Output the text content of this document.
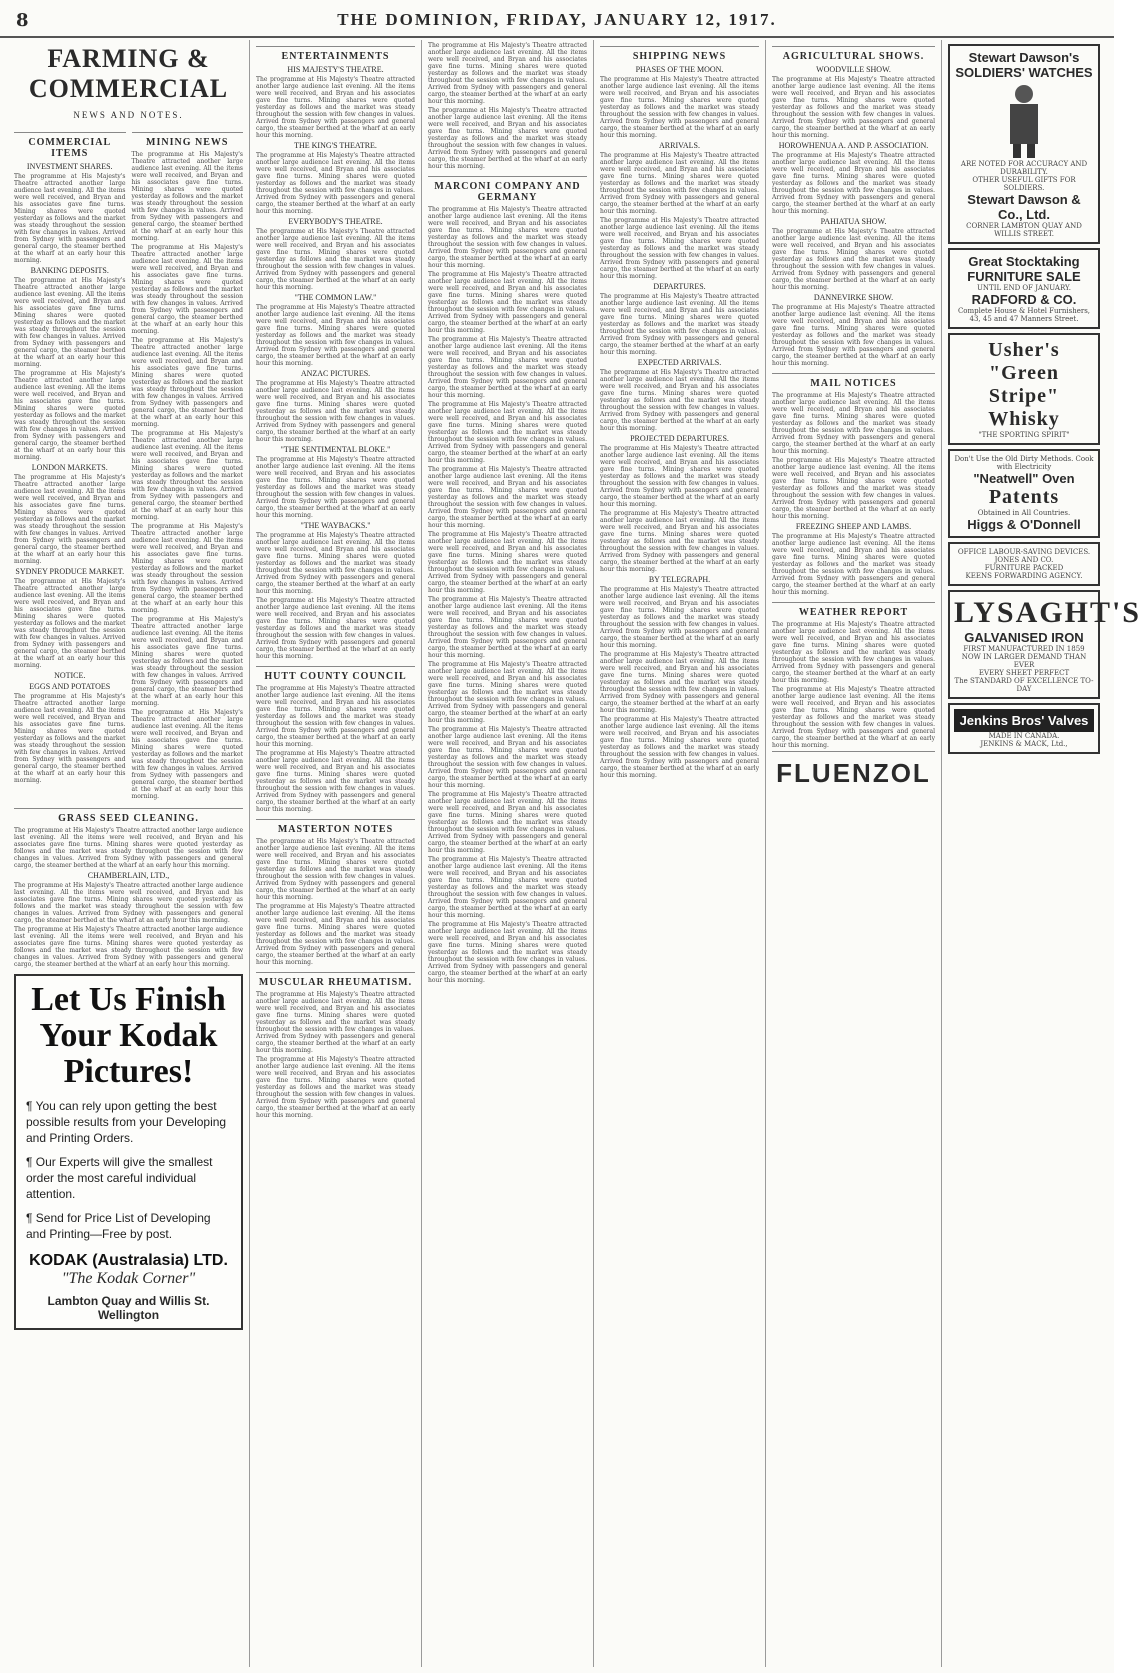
8	THE DOMINION, FRIDAY, JANUARY 12, 1917.
FARMING & COMMERCIAL
NEWS AND NOTES.
COMMERCIAL ITEMS
INVESTMENT SHARES.
The programme at His Majesty's Theatre attracted another large audience last evening. All the items were well received, and Bryan and his associates gave fine turns. Mining shares were quoted yesterday as follows and the market was steady throughout the session with few changes in values. Arrived from Sydney with passengers and general cargo, the steamer berthed at the wharf at an early hour this morning.
BANKING DEPOSITS.
The programme at His Majesty's Theatre attracted another large audience last evening. All the items were well received, and Bryan and his associates gave fine turns. Mining shares were quoted yesterday as follows and the market was steady throughout the session with few changes in values. Arrived from Sydney with passengers and general cargo, the steamer berthed at the wharf at an early hour this morning.
The programme at His Majesty's Theatre attracted another large audience last evening. All the items were well received, and Bryan and his associates gave fine turns. Mining shares were quoted yesterday as follows and the market was steady throughout the session with few changes in values. Arrived from Sydney with passengers and general cargo, the steamer berthed at the wharf at an early hour this morning.
LONDON MARKETS.
The programme at His Majesty's Theatre attracted another large audience last evening. All the items were well received, and Bryan and his associates gave fine turns. Mining shares were quoted yesterday as follows and the market was steady throughout the session with few changes in values. Arrived from Sydney with passengers and general cargo, the steamer berthed at the wharf at an early hour this morning.
SYDNEY PRODUCE MARKET.
The programme at His Majesty's Theatre attracted another large audience last evening. All the items were well received, and Bryan and his associates gave fine turns. Mining shares were quoted yesterday as follows and the market was steady throughout the session with few changes in values. Arrived from Sydney with passengers and general cargo, the steamer berthed at the wharf at an early hour this morning.
NOTICE.
EGGS AND POTATOES
The programme at His Majesty's Theatre attracted another large audience last evening. All the items were well received, and Bryan and his associates gave fine turns. Mining shares were quoted yesterday as follows and the market was steady throughout the session with few changes in values. Arrived from Sydney with passengers and general cargo, the steamer berthed at the wharf at an early hour this morning.
MINING NEWS
The programme at His Majesty's Theatre attracted another large audience last evening. All the items were well received, and Bryan and his associates gave fine turns. Mining shares were quoted yesterday as follows and the market was steady throughout the session with few changes in values. Arrived from Sydney with passengers and general cargo, the steamer berthed at the wharf at an early hour this morning.
The programme at His Majesty's Theatre attracted another large audience last evening. All the items were well received, and Bryan and his associates gave fine turns. Mining shares were quoted yesterday as follows and the market was steady throughout the session with few changes in values. Arrived from Sydney with passengers and general cargo, the steamer berthed at the wharf at an early hour this morning.
The programme at His Majesty's Theatre attracted another large audience last evening. All the items were well received, and Bryan and his associates gave fine turns. Mining shares were quoted yesterday as follows and the market was steady throughout the session with few changes in values. Arrived from Sydney with passengers and general cargo, the steamer berthed at the wharf at an early hour this morning.
The programme at His Majesty's Theatre attracted another large audience last evening. All the items were well received, and Bryan and his associates gave fine turns. Mining shares were quoted yesterday as follows and the market was steady throughout the session with few changes in values. Arrived from Sydney with passengers and general cargo, the steamer berthed at the wharf at an early hour this morning.
The programme at His Majesty's Theatre attracted another large audience last evening. All the items were well received, and Bryan and his associates gave fine turns. Mining shares were quoted yesterday as follows and the market was steady throughout the session with few changes in values. Arrived from Sydney with passengers and general cargo, the steamer berthed at the wharf at an early hour this morning.
The programme at His Majesty's Theatre attracted another large audience last evening. All the items were well received, and Bryan and his associates gave fine turns. Mining shares were quoted yesterday as follows and the market was steady throughout the session with few changes in values. Arrived from Sydney with passengers and general cargo, the steamer berthed at the wharf at an early hour this morning.
The programme at His Majesty's Theatre attracted another large audience last evening. All the items were well received, and Bryan and his associates gave fine turns. Mining shares were quoted yesterday as follows and the market was steady throughout the session with few changes in values. Arrived from Sydney with passengers and general cargo, the steamer berthed at the wharf at an early hour this morning.
GRASS SEED CLEANING.
The programme at His Majesty's Theatre attracted another large audience last evening. All the items were well received, and Bryan and his associates gave fine turns. Mining shares were quoted yesterday as follows and the market was steady throughout the session with few changes in values. Arrived from Sydney with passengers and general cargo, the steamer berthed at the wharf at an early hour this morning.
CHAMBERLAIN, LTD.,
The programme at His Majesty's Theatre attracted another large audience last evening. All the items were well received, and Bryan and his associates gave fine turns. Mining shares were quoted yesterday as follows and the market was steady throughout the session with few changes in values. Arrived from Sydney with passengers and general cargo, the steamer berthed at the wharf at an early hour this morning.
The programme at His Majesty's Theatre attracted another large audience last evening. All the items were well received, and Bryan and his associates gave fine turns. Mining shares were quoted yesterday as follows and the market was steady throughout the session with few changes in values. Arrived from Sydney with passengers and general cargo, the steamer berthed at the wharf at an early hour this morning.
Let Us Finish Your Kodak Pictures!
¶ You can rely upon getting the best possible results from your Developing and Printing Orders.
¶ Our Experts will give the smallest order the most careful individual attention.
¶ Send for Price List of Developing and Printing—Free by post.
KODAK (Australasia) LTD.
"The Kodak Corner"
Lambton Quay and Willis St. Wellington
ENTERTAINMENTS
HIS MAJESTY'S THEATRE.
The programme at His Majesty's Theatre attracted another large audience last evening. All the items were well received, and Bryan and his associates gave fine turns. Mining shares were quoted yesterday as follows and the market was steady throughout the session with few changes in values. Arrived from Sydney with passengers and general cargo, the steamer berthed at the wharf at an early hour this morning.
THE KING'S THEATRE.
The programme at His Majesty's Theatre attracted another large audience last evening. All the items were well received, and Bryan and his associates gave fine turns. Mining shares were quoted yesterday as follows and the market was steady throughout the session with few changes in values. Arrived from Sydney with passengers and general cargo, the steamer berthed at the wharf at an early hour this morning.
EVERYBODY'S THEATRE.
The programme at His Majesty's Theatre attracted another large audience last evening. All the items were well received, and Bryan and his associates gave fine turns. Mining shares were quoted yesterday as follows and the market was steady throughout the session with few changes in values. Arrived from Sydney with passengers and general cargo, the steamer berthed at the wharf at an early hour this morning.
"THE COMMON LAW."
The programme at His Majesty's Theatre attracted another large audience last evening. All the items were well received, and Bryan and his associates gave fine turns. Mining shares were quoted yesterday as follows and the market was steady throughout the session with few changes in values. Arrived from Sydney with passengers and general cargo, the steamer berthed at the wharf at an early hour this morning.
ANZAC PICTURES.
The programme at His Majesty's Theatre attracted another large audience last evening. All the items were well received, and Bryan and his associates gave fine turns. Mining shares were quoted yesterday as follows and the market was steady throughout the session with few changes in values. Arrived from Sydney with passengers and general cargo, the steamer berthed at the wharf at an early hour this morning.
"THE SENTIMENTAL BLOKE."
The programme at His Majesty's Theatre attracted another large audience last evening. All the items were well received, and Bryan and his associates gave fine turns. Mining shares were quoted yesterday as follows and the market was steady throughout the session with few changes in values. Arrived from Sydney with passengers and general cargo, the steamer berthed at the wharf at an early hour this morning.
"THE WAYBACKS."
The programme at His Majesty's Theatre attracted another large audience last evening. All the items were well received, and Bryan and his associates gave fine turns. Mining shares were quoted yesterday as follows and the market was steady throughout the session with few changes in values. Arrived from Sydney with passengers and general cargo, the steamer berthed at the wharf at an early hour this morning.
The programme at His Majesty's Theatre attracted another large audience last evening. All the items were well received, and Bryan and his associates gave fine turns. Mining shares were quoted yesterday as follows and the market was steady throughout the session with few changes in values. Arrived from Sydney with passengers and general cargo, the steamer berthed at the wharf at an early hour this morning.
HUTT COUNTY COUNCIL
The programme at His Majesty's Theatre attracted another large audience last evening. All the items were well received, and Bryan and his associates gave fine turns. Mining shares were quoted yesterday as follows and the market was steady throughout the session with few changes in values. Arrived from Sydney with passengers and general cargo, the steamer berthed at the wharf at an early hour this morning.
The programme at His Majesty's Theatre attracted another large audience last evening. All the items were well received, and Bryan and his associates gave fine turns. Mining shares were quoted yesterday as follows and the market was steady throughout the session with few changes in values. Arrived from Sydney with passengers and general cargo, the steamer berthed at the wharf at an early hour this morning.
MASTERTON NOTES
The programme at His Majesty's Theatre attracted another large audience last evening. All the items were well received, and Bryan and his associates gave fine turns. Mining shares were quoted yesterday as follows and the market was steady throughout the session with few changes in values. Arrived from Sydney with passengers and general cargo, the steamer berthed at the wharf at an early hour this morning.
The programme at His Majesty's Theatre attracted another large audience last evening. All the items were well received, and Bryan and his associates gave fine turns. Mining shares were quoted yesterday as follows and the market was steady throughout the session with few changes in values. Arrived from Sydney with passengers and general cargo, the steamer berthed at the wharf at an early hour this morning.
MUSCULAR RHEUMATISM.
The programme at His Majesty's Theatre attracted another large audience last evening. All the items were well received, and Bryan and his associates gave fine turns. Mining shares were quoted yesterday as follows and the market was steady throughout the session with few changes in values. Arrived from Sydney with passengers and general cargo, the steamer berthed at the wharf at an early hour this morning.
The programme at His Majesty's Theatre attracted another large audience last evening. All the items were well received, and Bryan and his associates gave fine turns. Mining shares were quoted yesterday as follows and the market was steady throughout the session with few changes in values. Arrived from Sydney with passengers and general cargo, the steamer berthed at the wharf at an early hour this morning.
The programme at His Majesty's Theatre attracted another large audience last evening. All the items were well received, and Bryan and his associates gave fine turns. Mining shares were quoted yesterday as follows and the market was steady throughout the session with few changes in values. Arrived from Sydney with passengers and general cargo, the steamer berthed at the wharf at an early hour this morning.
The programme at His Majesty's Theatre attracted another large audience last evening. All the items were well received, and Bryan and his associates gave fine turns. Mining shares were quoted yesterday as follows and the market was steady throughout the session with few changes in values. Arrived from Sydney with passengers and general cargo, the steamer berthed at the wharf at an early hour this morning.
MARCONI COMPANY AND GERMANY
The programme at His Majesty's Theatre attracted another large audience last evening. All the items were well received, and Bryan and his associates gave fine turns. Mining shares were quoted yesterday as follows and the market was steady throughout the session with few changes in values. Arrived from Sydney with passengers and general cargo, the steamer berthed at the wharf at an early hour this morning.
The programme at His Majesty's Theatre attracted another large audience last evening. All the items were well received, and Bryan and his associates gave fine turns. Mining shares were quoted yesterday as follows and the market was steady throughout the session with few changes in values. Arrived from Sydney with passengers and general cargo, the steamer berthed at the wharf at an early hour this morning.
The programme at His Majesty's Theatre attracted another large audience last evening. All the items were well received, and Bryan and his associates gave fine turns. Mining shares were quoted yesterday as follows and the market was steady throughout the session with few changes in values. Arrived from Sydney with passengers and general cargo, the steamer berthed at the wharf at an early hour this morning.
The programme at His Majesty's Theatre attracted another large audience last evening. All the items were well received, and Bryan and his associates gave fine turns. Mining shares were quoted yesterday as follows and the market was steady throughout the session with few changes in values. Arrived from Sydney with passengers and general cargo, the steamer berthed at the wharf at an early hour this morning.
The programme at His Majesty's Theatre attracted another large audience last evening. All the items were well received, and Bryan and his associates gave fine turns. Mining shares were quoted yesterday as follows and the market was steady throughout the session with few changes in values. Arrived from Sydney with passengers and general cargo, the steamer berthed at the wharf at an early hour this morning.
The programme at His Majesty's Theatre attracted another large audience last evening. All the items were well received, and Bryan and his associates gave fine turns. Mining shares were quoted yesterday as follows and the market was steady throughout the session with few changes in values. Arrived from Sydney with passengers and general cargo, the steamer berthed at the wharf at an early hour this morning.
The programme at His Majesty's Theatre attracted another large audience last evening. All the items were well received, and Bryan and his associates gave fine turns. Mining shares were quoted yesterday as follows and the market was steady throughout the session with few changes in values. Arrived from Sydney with passengers and general cargo, the steamer berthed at the wharf at an early hour this morning.
The programme at His Majesty's Theatre attracted another large audience last evening. All the items were well received, and Bryan and his associates gave fine turns. Mining shares were quoted yesterday as follows and the market was steady throughout the session with few changes in values. Arrived from Sydney with passengers and general cargo, the steamer berthed at the wharf at an early hour this morning.
The programme at His Majesty's Theatre attracted another large audience last evening. All the items were well received, and Bryan and his associates gave fine turns. Mining shares were quoted yesterday as follows and the market was steady throughout the session with few changes in values. Arrived from Sydney with passengers and general cargo, the steamer berthed at the wharf at an early hour this morning.
The programme at His Majesty's Theatre attracted another large audience last evening. All the items were well received, and Bryan and his associates gave fine turns. Mining shares were quoted yesterday as follows and the market was steady throughout the session with few changes in values. Arrived from Sydney with passengers and general cargo, the steamer berthed at the wharf at an early hour this morning.
The programme at His Majesty's Theatre attracted another large audience last evening. All the items were well received, and Bryan and his associates gave fine turns. Mining shares were quoted yesterday as follows and the market was steady throughout the session with few changes in values. Arrived from Sydney with passengers and general cargo, the steamer berthed at the wharf at an early hour this morning.
The programme at His Majesty's Theatre attracted another large audience last evening. All the items were well received, and Bryan and his associates gave fine turns. Mining shares were quoted yesterday as follows and the market was steady throughout the session with few changes in values. Arrived from Sydney with passengers and general cargo, the steamer berthed at the wharf at an early hour this morning.
SHIPPING NEWS
PHASES OF THE MOON.
The programme at His Majesty's Theatre attracted another large audience last evening. All the items were well received, and Bryan and his associates gave fine turns. Mining shares were quoted yesterday as follows and the market was steady throughout the session with few changes in values. Arrived from Sydney with passengers and general cargo, the steamer berthed at the wharf at an early hour this morning.
ARRIVALS.
The programme at His Majesty's Theatre attracted another large audience last evening. All the items were well received, and Bryan and his associates gave fine turns. Mining shares were quoted yesterday as follows and the market was steady throughout the session with few changes in values. Arrived from Sydney with passengers and general cargo, the steamer berthed at the wharf at an early hour this morning.
The programme at His Majesty's Theatre attracted another large audience last evening. All the items were well received, and Bryan and his associates gave fine turns. Mining shares were quoted yesterday as follows and the market was steady throughout the session with few changes in values. Arrived from Sydney with passengers and general cargo, the steamer berthed at the wharf at an early hour this morning.
DEPARTURES.
The programme at His Majesty's Theatre attracted another large audience last evening. All the items were well received, and Bryan and his associates gave fine turns. Mining shares were quoted yesterday as follows and the market was steady throughout the session with few changes in values. Arrived from Sydney with passengers and general cargo, the steamer berthed at the wharf at an early hour this morning.
EXPECTED ARRIVALS.
The programme at His Majesty's Theatre attracted another large audience last evening. All the items were well received, and Bryan and his associates gave fine turns. Mining shares were quoted yesterday as follows and the market was steady throughout the session with few changes in values. Arrived from Sydney with passengers and general cargo, the steamer berthed at the wharf at an early hour this morning.
PROJECTED DEPARTURES.
The programme at His Majesty's Theatre attracted another large audience last evening. All the items were well received, and Bryan and his associates gave fine turns. Mining shares were quoted yesterday as follows and the market was steady throughout the session with few changes in values. Arrived from Sydney with passengers and general cargo, the steamer berthed at the wharf at an early hour this morning.
The programme at His Majesty's Theatre attracted another large audience last evening. All the items were well received, and Bryan and his associates gave fine turns. Mining shares were quoted yesterday as follows and the market was steady throughout the session with few changes in values. Arrived from Sydney with passengers and general cargo, the steamer berthed at the wharf at an early hour this morning.
BY TELEGRAPH.
The programme at His Majesty's Theatre attracted another large audience last evening. All the items were well received, and Bryan and his associates gave fine turns. Mining shares were quoted yesterday as follows and the market was steady throughout the session with few changes in values. Arrived from Sydney with passengers and general cargo, the steamer berthed at the wharf at an early hour this morning.
The programme at His Majesty's Theatre attracted another large audience last evening. All the items were well received, and Bryan and his associates gave fine turns. Mining shares were quoted yesterday as follows and the market was steady throughout the session with few changes in values. Arrived from Sydney with passengers and general cargo, the steamer berthed at the wharf at an early hour this morning.
The programme at His Majesty's Theatre attracted another large audience last evening. All the items were well received, and Bryan and his associates gave fine turns. Mining shares were quoted yesterday as follows and the market was steady throughout the session with few changes in values. Arrived from Sydney with passengers and general cargo, the steamer berthed at the wharf at an early hour this morning.
AGRICULTURAL SHOWS.
WOODVILLE SHOW.
The programme at His Majesty's Theatre attracted another large audience last evening. All the items were well received, and Bryan and his associates gave fine turns. Mining shares were quoted yesterday as follows and the market was steady throughout the session with few changes in values. Arrived from Sydney with passengers and general cargo, the steamer berthed at the wharf at an early hour this morning.
HOROWHENUA A. AND P. ASSOCIATION.
The programme at His Majesty's Theatre attracted another large audience last evening. All the items were well received, and Bryan and his associates gave fine turns. Mining shares were quoted yesterday as follows and the market was steady throughout the session with few changes in values. Arrived from Sydney with passengers and general cargo, the steamer berthed at the wharf at an early hour this morning.
PAHIATUA SHOW.
The programme at His Majesty's Theatre attracted another large audience last evening. All the items were well received, and Bryan and his associates gave fine turns. Mining shares were quoted yesterday as follows and the market was steady throughout the session with few changes in values. Arrived from Sydney with passengers and general cargo, the steamer berthed at the wharf at an early hour this morning.
DANNEVIRKE SHOW.
The programme at His Majesty's Theatre attracted another large audience last evening. All the items were well received, and Bryan and his associates gave fine turns. Mining shares were quoted yesterday as follows and the market was steady throughout the session with few changes in values. Arrived from Sydney with passengers and general cargo, the steamer berthed at the wharf at an early hour this morning.
MAIL NOTICES
The programme at His Majesty's Theatre attracted another large audience last evening. All the items were well received, and Bryan and his associates gave fine turns. Mining shares were quoted yesterday as follows and the market was steady throughout the session with few changes in values. Arrived from Sydney with passengers and general cargo, the steamer berthed at the wharf at an early hour this morning.
The programme at His Majesty's Theatre attracted another large audience last evening. All the items were well received, and Bryan and his associates gave fine turns. Mining shares were quoted yesterday as follows and the market was steady throughout the session with few changes in values. Arrived from Sydney with passengers and general cargo, the steamer berthed at the wharf at an early hour this morning.
FREEZING SHEEP AND LAMBS.
The programme at His Majesty's Theatre attracted another large audience last evening. All the items were well received, and Bryan and his associates gave fine turns. Mining shares were quoted yesterday as follows and the market was steady throughout the session with few changes in values. Arrived from Sydney with passengers and general cargo, the steamer berthed at the wharf at an early hour this morning.
WEATHER REPORT
The programme at His Majesty's Theatre attracted another large audience last evening. All the items were well received, and Bryan and his associates gave fine turns. Mining shares were quoted yesterday as follows and the market was steady throughout the session with few changes in values. Arrived from Sydney with passengers and general cargo, the steamer berthed at the wharf at an early hour this morning.
The programme at His Majesty's Theatre attracted another large audience last evening. All the items were well received, and Bryan and his associates gave fine turns. Mining shares were quoted yesterday as follows and the market was steady throughout the session with few changes in values. Arrived from Sydney with passengers and general cargo, the steamer berthed at the wharf at an early hour this morning.
FLUENZOL
Stewart Dawson's SOLDIERS' WATCHES
ARE NOTED FOR ACCURACY AND DURABILITY.
OTHER USEFUL GIFTS FOR SOLDIERS.
Stewart Dawson & Co., Ltd.
CORNER LAMBTON QUAY AND WILLIS STREET.
Great Stocktaking FURNITURE SALE
UNTIL END OF JANUARY.
RADFORD & CO.
Complete House & Hotel Furnishers,
43, 45 and 47 Manners Street.
Usher's "Green Stripe" Whisky
"THE SPORTING SPIRIT"
Don't Use the Old Dirty Methods. Cook with Electricity
"Neatwell" Oven
Patents
Obtained in All Countries.
Higgs & O'Donnell
OFFICE LABOUR-SAVING DEVICES.
JONES AND CO.
FURNITURE PACKED
KEENS FORWARDING AGENCY.
LYSAGHT'S
GALVANISED IRON
FIRST MANUFACTURED IN 1859 NOW IN LARGER DEMAND THAN EVER
EVERY SHEET PERFECT
The STANDARD OF EXCELLENCE TO-DAY
Jenkins Bros' Valves
MADE IN CANADA.
JENKINS & MACK, Ltd.,
